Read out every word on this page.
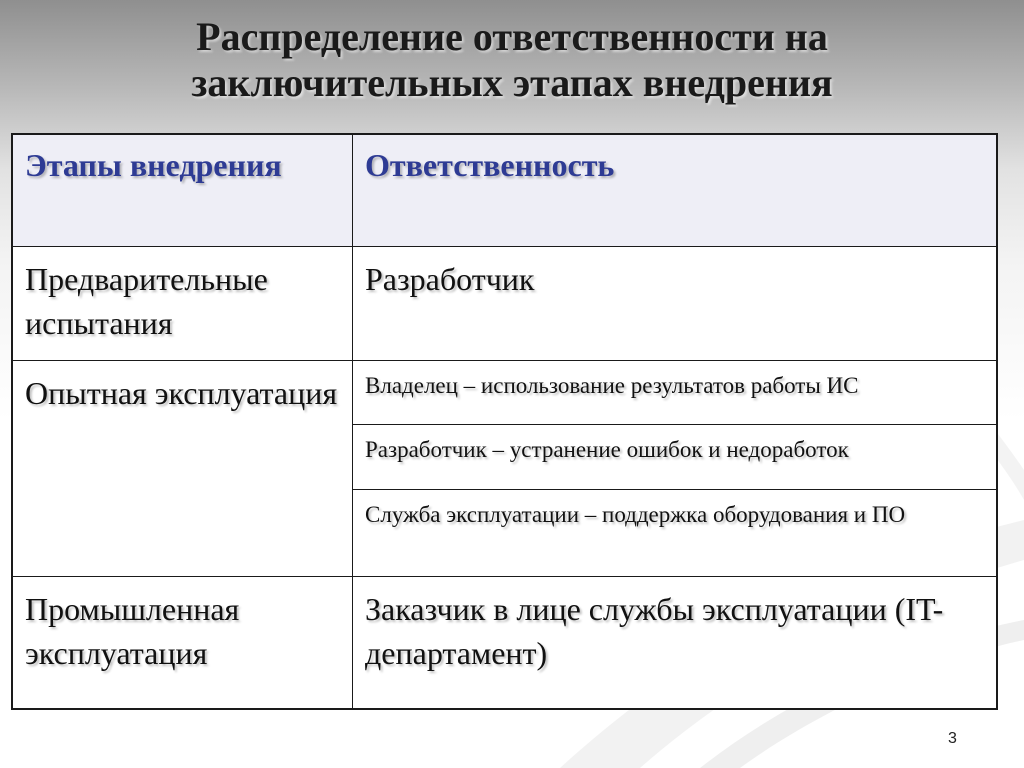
Распределение ответственности на
заключительных этапах внедрения
Этапы внедрения	Ответственность
Предварительные испытания	Разработчик
Опытная эксплуатация	Владелец – использование результатов работы ИС
	Разработчик – устранение ошибок и недоработок
	Служба эксплуатации – поддержка оборудования и ПО
Промышленная эксплуатация	Заказчик в лице службы эксплуатации (IT-департамент)
3
